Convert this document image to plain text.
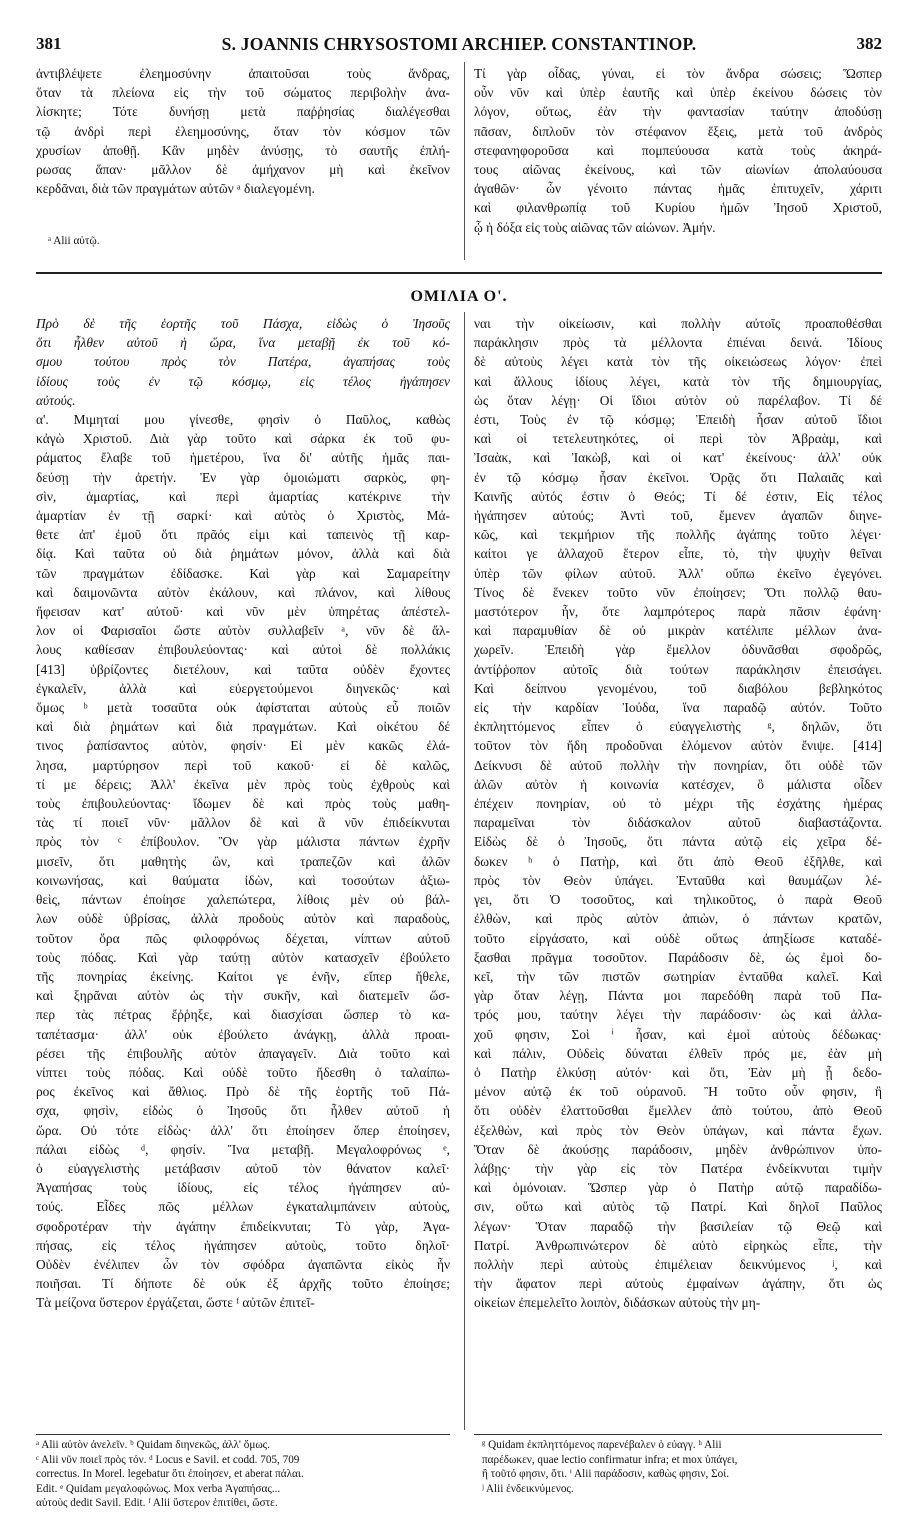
381	S. JOANNIS CHRYSOSTOMI ARCHIEP. CONSTANTINOP.	382
ἀντιβλέψετε ἐλεημοσύνην ἀπαιτοῦσαι τοὺς ἄνδρας,
ὅταν τὰ πλείονα εἰς τὴν τοῦ σώματος περιβολὴν ἀνα-
λίσκητε; Τότε δυνήσῃ μετὰ παῤῥησίας διαλέγεσθαι
τῷ ἀνδρὶ περὶ ἐλεημοσύνης, ὅταν τὸν κόσμον τῶν
χρυσίων ἀποθῇ. Κἂν μηδὲν ἀνύσῃς, τὸ σαυτῆς ἐπλή-
ρωσας ἅπαν· μᾶλλον δὲ ἀμήχανον μὴ καὶ ἐκεῖνον
κερδᾶναι, διὰ τῶν πραγμάτων αὐτῶν ᵃ διαλεγομένη.
ᵃ Alii αὐτῷ.
Τί γὰρ οἶδας, γύναι, εἰ τὸν ἄνδρα σώσεις; Ὥσπερ
οὖν νῦν καὶ ὑπὲρ ἑαυτῆς καὶ ὑπὲρ ἐκείνου δώσεις τὸν
λόγον, οὕτως, ἐὰν τὴν φαντασίαν ταύτην ἀποδύσῃ
πᾶσαν, διπλοῦν τὸν στέφανον ἕξεις, μετὰ τοῦ ἀνδρὸς
στεφανηφοροῦσα καὶ πομπεύουσα κατὰ τοὺς ἀκηρά-
τους αἰῶνας ἐκείνους, καὶ τῶν αἰωνίων ἀπολαύουσα
ἀγαθῶν· ὧν γένοιτο πάντας ἡμᾶς ἐπιτυχεῖν, χάριτι
καὶ φιλανθρωπίᾳ τοῦ Κυρίου ἡμῶν Ἰησοῦ Χριστοῦ,
ᾧ ἡ δόξα εἰς τοὺς αἰῶνας τῶν αἰώνων. Ἀμήν.
ΟΜΙΛΙΑ Ο'.
Πρὸ δὲ τῆς ἑορτῆς τοῦ Πάσχα, εἰδὼς ὁ Ἰησοῦς
ὅτι ἦλθεν αὐτοῦ ἡ ὥρα, ἵνα μεταβῇ ἐκ τοῦ κό-
σμου τούτου πρὸς τὸν Πατέρα, ἀγαπήσας τοὺς
ἰδίους τοὺς ἐν τῷ κόσμῳ, εἰς τέλος ἠγάπησεν
αὐτούς.
α'. Μιμηταί μου γίνεσθε, φησὶν ὁ Παῦλος, καθὼς
κἀγὼ Χριστοῦ. Διὰ γὰρ τοῦτο καὶ σάρκα ἐκ τοῦ φυ-
ράματος ἔλαβε τοῦ ἡμετέρου, ἵνα δι' αὐτῆς ἡμᾶς παι-
δεύσῃ τὴν ἀρετήν. Ἐν γὰρ ὁμοιώματι σαρκὸς, φη-
σὶν, ἁμαρτίας, καὶ περὶ ἁμαρτίας κατέκρινε τὴν
ἁμαρτίαν ἐν τῇ σαρκί· καὶ αὐτὸς ὁ Χριστὸς, Μά-
θετε ἀπ' ἐμοῦ ὅτι πρᾶός εἰμι καὶ ταπεινὸς τῇ καρ-
δίᾳ. Καὶ ταῦτα οὐ διὰ ῥημάτων μόνον, ἀλλὰ καὶ διὰ
τῶν πραγμάτων ἐδίδασκε. Καὶ γὰρ καὶ Σαμαρείτην
καὶ δαιμονῶντα αὐτὸν ἐκάλουν, καὶ πλάνον, καὶ λίθους
ἤφεισαν κατ' αὐτοῦ· καὶ νῦν μὲν ὑπηρέτας ἀπέστελ-
λον οἱ Φαρισαῖοι ὥστε αὐτὸν συλλαβεῖν ᵃ, νῦν δὲ ἄλ-
λους καθίεσαν ἐπιβουλεύοντας· καὶ αὐτοὶ δὲ πολλάκις
[413] ὑβρίζοντες διετέλουν, καὶ ταῦτα οὐδὲν ἔχοντες
ἐγκαλεῖν, ἀλλὰ καὶ εὐεργετούμενοι διηνεκῶς· καὶ
ὅμως ᵇ μετὰ τοσαῦτα οὐκ ἀφίσταται αὐτοὺς εὖ ποιῶν
καὶ διὰ ῥημάτων καὶ διὰ πραγμάτων. Καὶ οἰκέτου δέ
τινος ῥαπίσαντος αὐτὸν, φησίν· Εἰ μὲν κακῶς ἐλά-
λησα, μαρτύρησον περὶ τοῦ κακοῦ· εἰ δὲ καλῶς,
τί με δέρεις; Ἀλλ' ἐκεῖνα μὲν πρὸς τοὺς ἐχθροὺς καὶ
τοὺς ἐπιβουλεύοντας· ἴδωμεν δὲ καὶ πρὸς τοὺς μαθη-
τὰς τί ποιεῖ νῦν· μᾶλλον δὲ καὶ ἃ νῦν ἐπιδείκνυται
πρὸς τὸν ᶜ ἐπίβουλον. Ὃν γὰρ μάλιστα πάντων ἐχρῆν
μισεῖν, ὅτι μαθητὴς ὢν, καὶ τραπεζῶν καὶ ἁλῶν
κοινωνήσας, καὶ θαύματα ἰδὼν, καὶ τοσούτων ἀξιω-
θεὶς, πάντων ἐποίησε χαλεπώτερα, λίθοις μὲν οὐ βάλ-
λων οὐδὲ ὑβρίσας, ἀλλὰ προδοὺς αὐτὸν καὶ παραδοὺς,
τοῦτον ὅρα πῶς φιλοφρόνως δέχεται, νίπτων αὐτοῦ
τοὺς πόδας. Καὶ γὰρ ταύτῃ αὐτὸν κατασχεῖν ἐβούλετο
τῆς πονηρίας ἐκείνης. Καίτοι γε ἐνῆν, εἴπερ ἤθελε,
καὶ ξηρᾶναι αὐτὸν ὡς τὴν συκῆν, καὶ διατεμεῖν ὥσ-
περ τὰς πέτρας ἔῤῥηξε, καὶ διασχίσαι ὥσπερ τὸ κα-
ταπέτασμα· ἀλλ' οὐκ ἐβούλετο ἀνάγκῃ, ἀλλὰ προαι-
ρέσει τῆς ἐπιβουλῆς αὐτὸν ἀπαγαγεῖν. Διὰ τοῦτο καὶ
νίπτει τοὺς πόδας. Καὶ οὐδὲ τοῦτο ἤδεσθη ὁ ταλαίπω-
ρος ἐκεῖνος καὶ ἄθλιος. Πρὸ δὲ τῆς ἑορτῆς τοῦ Πά-
σχα, φησὶν, εἰδὼς ὁ Ἰησοῦς ὅτι ἦλθεν αὐτοῦ ἡ
ὥρα. Οὐ τότε εἰδὼς· ἀλλ' ὅτι ἐποίησεν ὅπερ ἐποίησεν,
πάλαι εἰδὼς ᵈ, φησίν. Ἵνα μεταβῇ. Μεγαλοφρόνως ᵉ,
ὁ εὐαγγελιστὴς μετάβασιν αὐτοῦ τὸν θάνατον καλεῖ·
Ἀγαπήσας τοὺς ἰδίους, εἰς τέλος ἠγάπησεν αὐ-
τούς. Εἶδες πῶς μέλλων ἐγκαταλιμπάνειν αὐτοὺς,
σφοδροτέραν τὴν ἀγάπην ἐπιδείκνυται; Τὸ γὰρ, Ἀγα-
πήσας, εἰς τέλος ἠγάπησεν αὐτοὺς, τοῦτο δηλοῖ·
Οὐδὲν ἐνέλιπεν ὧν τὸν σφόδρα ἀγαπῶντα εἰκὸς ἦν
ποιῆσαι. Τί δήποτε δὲ οὐκ ἐξ ἀρχῆς τοῦτο ἐποίησε;
Τὰ μείζονα ὕστερον ἐργάζεται, ὥστε ᶠ αὐτῶν ἐπιτεῖ-
ναι τὴν οἰκείωσιν, καὶ πολλὴν αὐτοῖς προαποθέσθαι
παράκλησιν πρὸς τὰ μέλλοντα ἐπιέναι δεινά. Ἰδίους
δὲ αὐτοὺς λέγει κατὰ τὸν τῆς οἰκειώσεως λόγον· ἐπεὶ
καὶ ἄλλους ἰδίους λέγει, κατὰ τὸν τῆς δημιουργίας,
ὡς ὅταν λέγῃ· Οἱ ἴδιοι αὐτὸν οὐ παρέλαβον. Τί δέ
ἐστι, Τοὺς ἐν τῷ κόσμῳ; Ἐπειδὴ ἦσαν αὐτοῦ ἴδιοι
καὶ οἱ τετελευτηκότες, οἱ περὶ τὸν Ἀβραὰμ, καὶ
Ἰσαὰκ, καὶ Ἰακὼβ, καὶ οἱ κατ' ἐκείνους· ἀλλ' οὐκ
ἐν τῷ κόσμῳ ἦσαν ἐκεῖνοι. Ὁρᾷς ὅτι Παλαιᾶς καὶ
Καινῆς αὐτός ἐστιν ὁ Θεός; Τί δέ ἐστιν, Εἰς τέλος
ἠγάπησεν αὐτούς; Ἀντὶ τοῦ, ἔμενεν ἀγαπῶν διηνε-
κῶς, καὶ τεκμήριον τῆς πολλῆς ἀγάπης τοῦτο λέγει·
καίτοι γε ἀλλαχοῦ ἕτερον εἶπε, τὸ, τὴν ψυχὴν θεῖναι
ὑπὲρ τῶν φίλων αὐτοῦ. Ἀλλ' οὔπω ἐκεῖνο ἐγεγόνει.
Τίνος δὲ ἕνεκεν τοῦτο νῦν ἐποίησεν; Ὅτι πολλῷ θαυ-
μαστότερον ἦν, ὅτε λαμπρότερος παρὰ πᾶσιν ἐφάνη·
καὶ παραμυθίαν δὲ οὐ μικρὰν κατέλιπε μέλλων ἀνα-
χωρεῖν. Ἐπειδὴ γὰρ ἔμελλον ὀδυνᾶσθαι σφοδρῶς,
ἀντίῤῥοπον αὐτοῖς διὰ τούτων παράκλησιν ἐπεισάγει.
Καὶ δείπνου γενομένου, τοῦ διαβόλου βεβληκότος
εἰς τὴν καρδίαν Ἰούδα, ἵνα παραδῷ αὐτόν. Τοῦτο
ἐκπληττόμενος εἶπεν ὁ εὐαγγελιστὴς ᵍ, δηλῶν, ὅτι
τοῦτον τὸν ἤδη προδοῦναι ἑλόμενον αὐτὸν ἔνιψε. [414]
Δείκνυσι δὲ αὐτοῦ πολλὴν τὴν πονηρίαν, ὅτι οὐδὲ τῶν
ἁλῶν αὐτὸν ἡ κοινωνία κατέσχεν, ὃ μάλιστα οἶδεν
ἐπέχειν πονηρίαν, οὐ τὸ μέχρι τῆς ἐσχάτης ἡμέρας
παραμεῖναι τὸν διδάσκαλον αὐτοῦ διαβαστάζοντα.
Εἰδὼς δὲ ὁ Ἰησοῦς, ὅτι πάντα αὐτῷ εἰς χεῖρα δέ-
δωκεν ʰ ὁ Πατὴρ, καὶ ὅτι ἀπὸ Θεοῦ ἐξῆλθε, καὶ
πρὸς τὸν Θεὸν ὑπάγει. Ἐνταῦθα καὶ θαυμάζων λέ-
γει, ὅτι Ὁ τοσοῦτος, καὶ τηλικοῦτος, ὁ παρὰ Θεοῦ
ἐλθὼν, καὶ πρὸς αὐτὸν ἀπιὼν, ὁ πάντων κρατῶν,
τοῦτο εἰργάσατο, καὶ οὐδὲ οὕτως ἀπηξίωσε καταδέ-
ξασθαι πρᾶγμα τοσοῦτον. Παράδοσιν δὲ, ὡς ἐμοὶ δο-
κεῖ, τὴν τῶν πιστῶν σωτηρίαν ἐνταῦθα καλεῖ. Καὶ
γὰρ ὅταν λέγῃ, Πάντα μοι παρεδόθη παρὰ τοῦ Πα-
τρός μου, ταύτην λέγει τὴν παράδοσιν· ὡς καὶ ἀλλα-
χοῦ φησιν, Σοὶ ⁱ ἦσαν, καὶ ἐμοὶ αὐτοὺς δέδωκας·
καὶ πάλιν, Οὐδεὶς δύναται ἐλθεῖν πρός με, ἐὰν μὴ
ὁ Πατὴρ ἑλκύσῃ αὐτόν· καὶ ὅτι, Ἐὰν μὴ ᾖ δεδο-
μένον αὐτῷ ἐκ τοῦ οὐρανοῦ. Ἢ τοῦτο οὖν φησιν, ἢ
ὅτι οὐδὲν ἐλαττοῦσθαι ἔμελλεν ἀπὸ τούτου, ἀπὸ Θεοῦ
ἐξελθὼν, καὶ πρὸς τὸν Θεὸν ὑπάγων, καὶ πάντα ἔχων.
Ὅταν δὲ ἀκούσῃς παράδοσιν, μηδὲν ἀνθρώπινον ὑπο-
λάβῃς· τὴν γὰρ εἰς τὸν Πατέρα ἐνδείκνυται τιμὴν
καὶ ὁμόνοιαν. Ὥσπερ γὰρ ὁ Πατὴρ αὐτῷ παραδίδω-
σιν, οὕτω καὶ αὐτὸς τῷ Πατρί. Καὶ δηλοῖ Παῦλος
λέγων· Ὅταν παραδῷ τὴν βασιλείαν τῷ Θεῷ καὶ
Πατρί. Ἀνθρωπινώτερον δὲ αὐτὸ εἰρηκὼς εἶπε, τὴν
πολλὴν περὶ αὐτοὺς ἐπιμέλειαν δεικνύμενος ʲ, καὶ
τὴν ἄφατον περὶ αὐτοὺς ἐμφαίνων ἀγάπην, ὅτι ὡς
οἰκείων ἐπεμελεῖτο λοιπὸν, διδάσκων αὐτοὺς τὴν μη-
ᵃ Alii αὐτὸν ἀνελεῖν. ᵇ Quidam διηνεκῶς, ἀλλ' ὅμως.
ᶜ Alii νῦν ποιεῖ πρὸς τόν. ᵈ Locus e Savil. et codd. 705, 709
correctus. In Morel. legebatur ὅτι ἐποίησεν, et aberat πάλαι.
Edit. ᵉ Quidam μεγαλοφώνως. Mox verba Ἀγαπήσας...
αὐτοὺς dedit Savil. Edit. ᶠ Alii ὕστερον ἐπιτίθει, ὥστε.
ᵍ Quidam ἐκπληττόμενος παρενέβαλεν ὁ εὐαγγ. ʰ Alii
παρέδωκεν, quae lectio confirmatur infra; et mox ὑπάγει,
ἢ τοῦτό φησιν, ὅτι. ⁱ Alii παράδοσιν, καθὼς φησιν, Σοί.
ʲ Alii ἐνδεικνύμενος.
